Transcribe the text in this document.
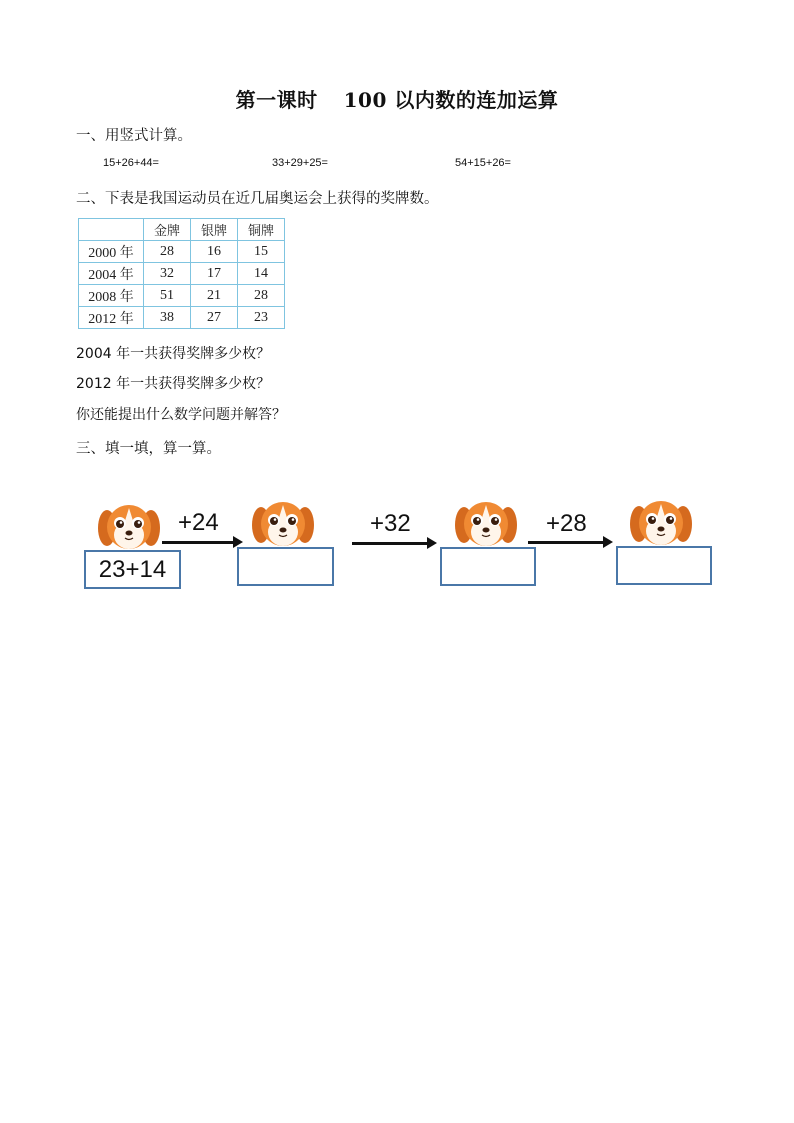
第一课时 100 以内数的连加运算
一、用竖式计算。
15+26+44=	33+29+25=	54+15+26=
二、下表是我国运动员在近几届奥运会上获得的奖牌数。
	金牌	银牌	铜牌
2000 年	28	16	15
2004 年	32	17	14
2008 年	51	21	28
2012 年	38	27	23
2004 年一共获得奖牌多少枚？
2012 年一共获得奖牌多少枚？
你还能提出什么数学问题并解答？
三、填一填，算一算。
23+14
+24	+32	+28
